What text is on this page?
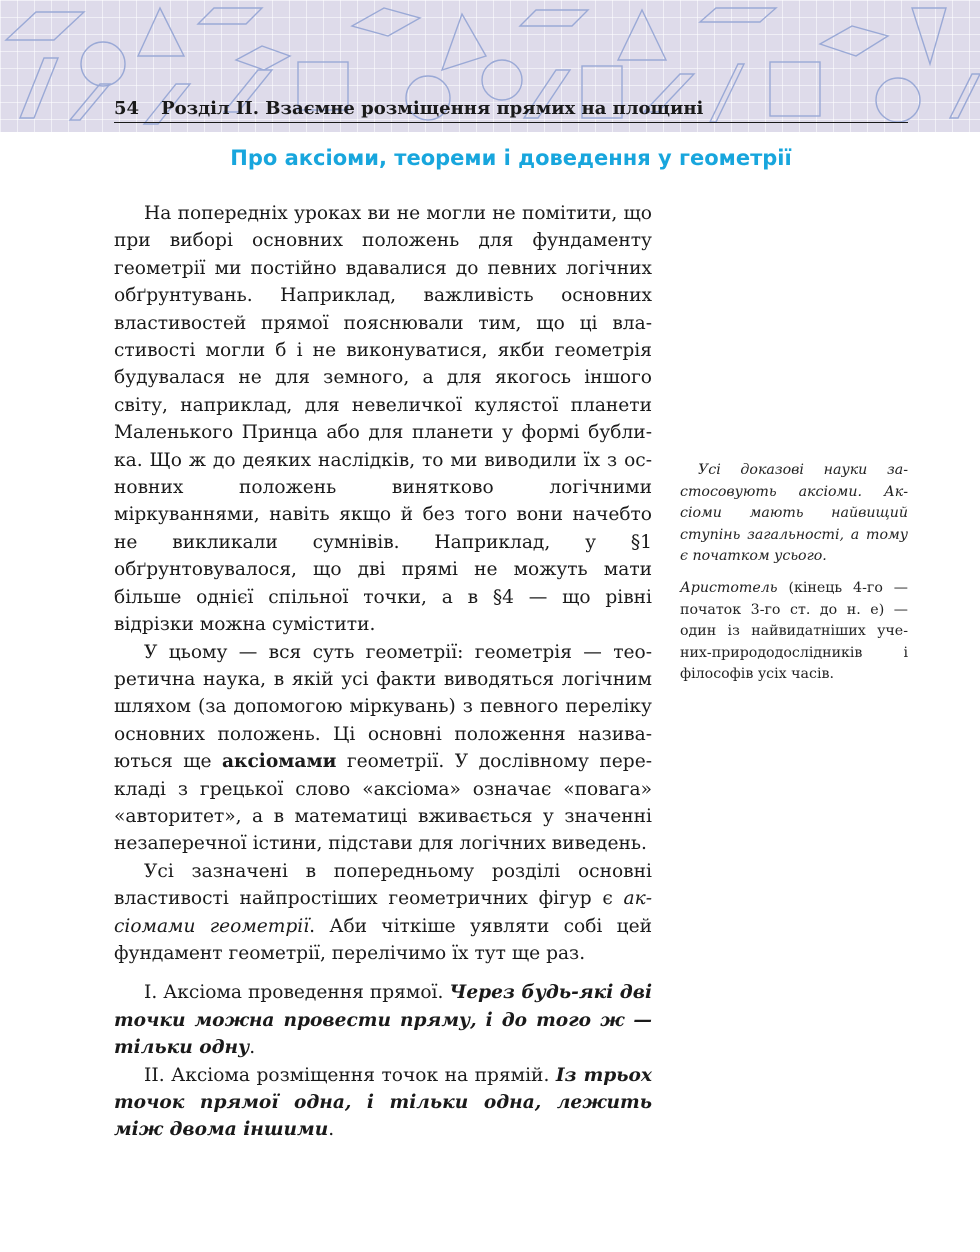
54 Розділ ІІ. Взаємне розміщення прямих на площині
Про аксіоми, теореми і доведення у геометрії

На попередніх уроках ви не могли не помітити, що при виборі основних положень для фундаменту геометрії ми постійно вдавалися до певних логічних обґрунтувань. Наприклад, важливість основних властивостей прямої пояснювали тим, що ці властивості могли б і не виконуватися, якби геометрія будувалася не для земного, а для якогось іншого світу, наприклад, для невеличкої кулястої планети Маленького Принца або для планети у формі бублика. Що ж до деяких наслідків, то ми виводили їх з основних положень винятково логічними міркуваннями, навіть якщо й без того вони начебто не викликали сумнівів. Наприклад, у §1 обґрунтовувалося, що дві прямі не можуть мати більше однієї спільної точки, а в §4 — що рівні відрізки можна сумістити.

У цьому — вся суть геометрії: геометрія — теоретична наука, в якій усі факти виводяться логічним шляхом (за допомогою міркувань) з певного переліку основних положень. Ці основні положення називаються ще аксіомами геометрії. У дослівному перекладі з грецької слово «аксіома» означає «повага» «авторитет», а в математиці вживається у значенні незаперечної істини, підстави для логічних виведень.

Усі зазначені в попередньому розділі основні властивості найпростіших геометричних фігур є аксіомами геометрії. Аби чіткіше уявляти собі цей фундамент геометрії, перелічимо їх тут ще раз.

І. Аксіома проведення прямої. Через будь-які дві точки можна провести пряму, і до того ж — тільки одну.

ІІ. Аксіома розміщення точок на прямій. Із трьох точок прямої одна, і тільки одна, лежить між двома іншими.

Усі доказові науки застосовують аксіоми. Аксіоми мають найвищий ступінь загальності, а тому є початком усього.

Аристотель (кінець 4-го — початок 3-го ст. до н. е) — один із найвидатніших учених-природодослідників і філософів усіх часів.
